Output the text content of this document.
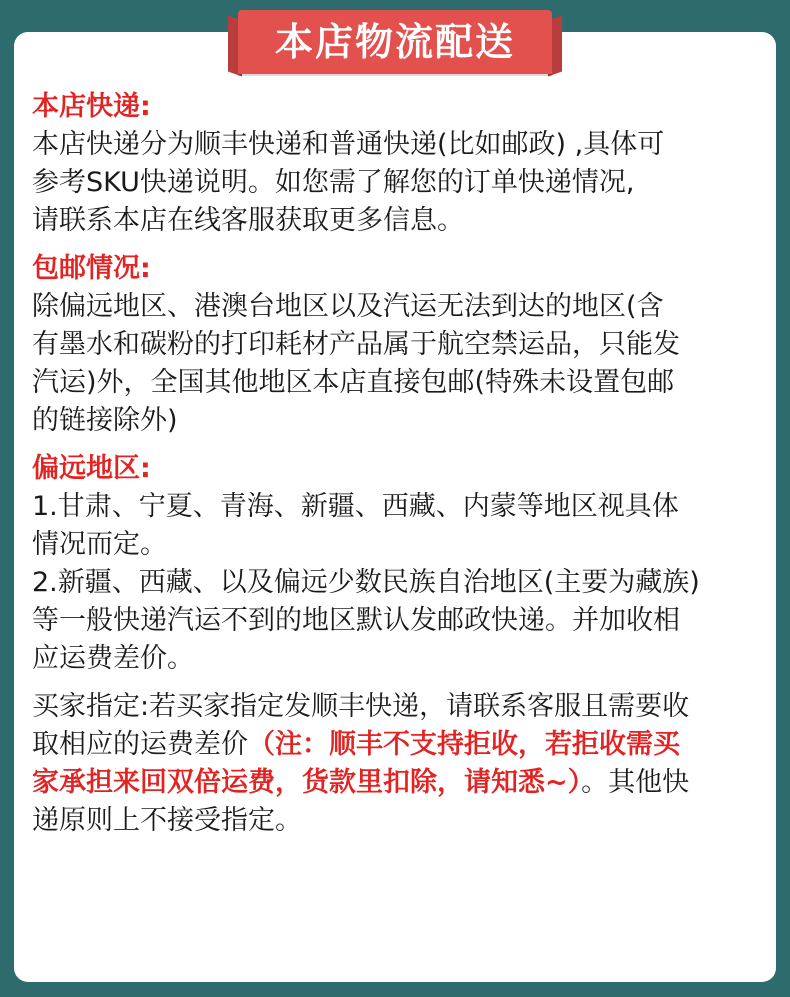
本店快递:

本店快递分为顺丰快递和普通快递(比如邮政) ,具体可
参考SKU快递说明。如您需了解您的订单快递情况,
请联系本店在线客服获取更多信息。

包邮情况:

除偏远地区、港澳台地区以及汽运无法到达的地区(含
有墨水和碳粉的打印耗材产品属于航空禁运品，只能发
汽运)外，全国其他地区本店直接包邮(特殊未设置包邮
的链接除外)

偏远地区:

1.甘肃、宁夏、青海、新疆、西藏、内蒙等地区视具体
情况而定。
2.新疆、西藏、以及偏远少数民族自治地区(主要为藏族)
等一般快递汽运不到的地区默认发邮政快递。并加收相
应运费差价。

买家指定:若买家指定发顺丰快递，请联系客服且需要收
取相应的运费差价（注：顺丰不支持拒收，若拒收需买
家承担来回双倍运费，货款里扣除，请知悉~）。其他快
递原则上不接受指定。

本店物流配送
